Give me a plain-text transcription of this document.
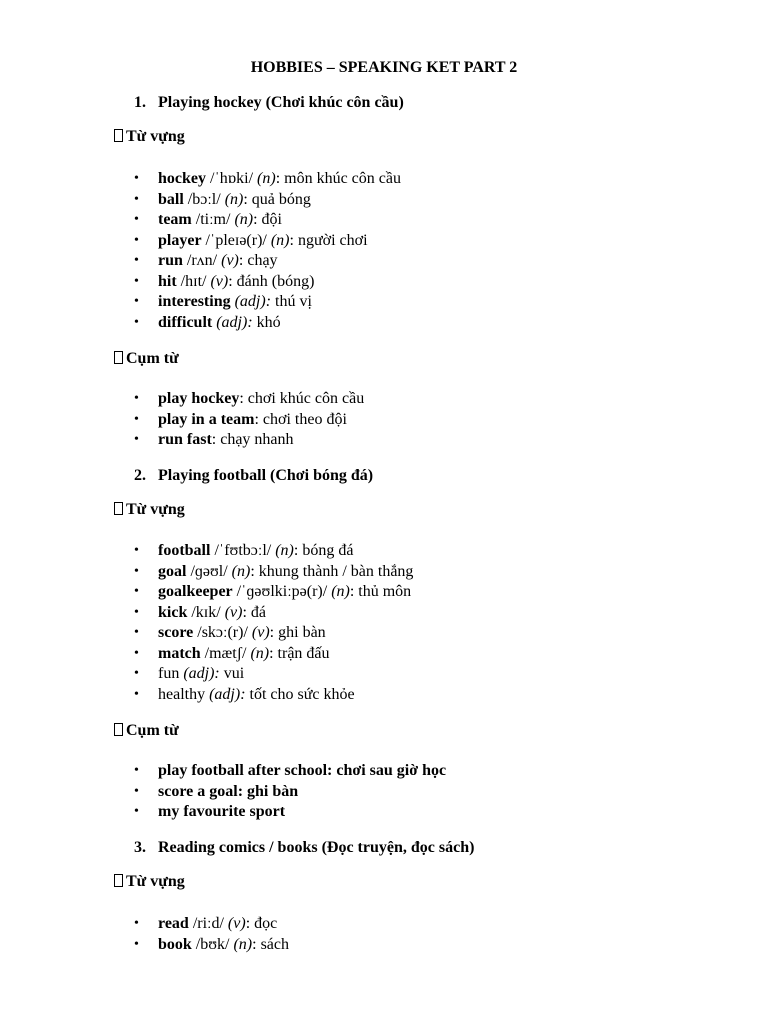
HOBBIES – SPEAKING KET PART 2
1. Playing hockey (Chơi khúc côn cầu)
Từ vựng
• hockey /ˈhɒki/ (n): môn khúc côn cầu
• ball /bɔːl/ (n): quả bóng
• team /tiːm/ (n): đội
• player /ˈpleɪə(r)/ (n): người chơi
• run /rʌn/ (v): chạy
• hit /hɪt/ (v): đánh (bóng)
• interesting (adj): thú vị
• difficult (adj): khó
Cụm từ
• play hockey: chơi khúc côn cầu
• play in a team: chơi theo đội
• run fast: chạy nhanh
2. Playing football (Chơi bóng đá)
Từ vựng
• football /ˈfʊtbɔːl/ (n): bóng đá
• goal /ɡəʊl/ (n): khung thành / bàn thắng
• goalkeeper /ˈɡəʊlkiːpə(r)/ (n): thủ môn
• kick /kɪk/ (v): đá
• score /skɔː(r)/ (v): ghi bàn
• match /mætʃ/ (n): trận đấu
• fun (adj): vui
• healthy (adj): tốt cho sức khỏe
Cụm từ
• play football after school: chơi sau giờ học
• score a goal: ghi bàn
• my favourite sport
3. Reading comics / books (Đọc truyện, đọc sách)
Từ vựng
• read /riːd/ (v): đọc
• book /bʊk/ (n): sách
